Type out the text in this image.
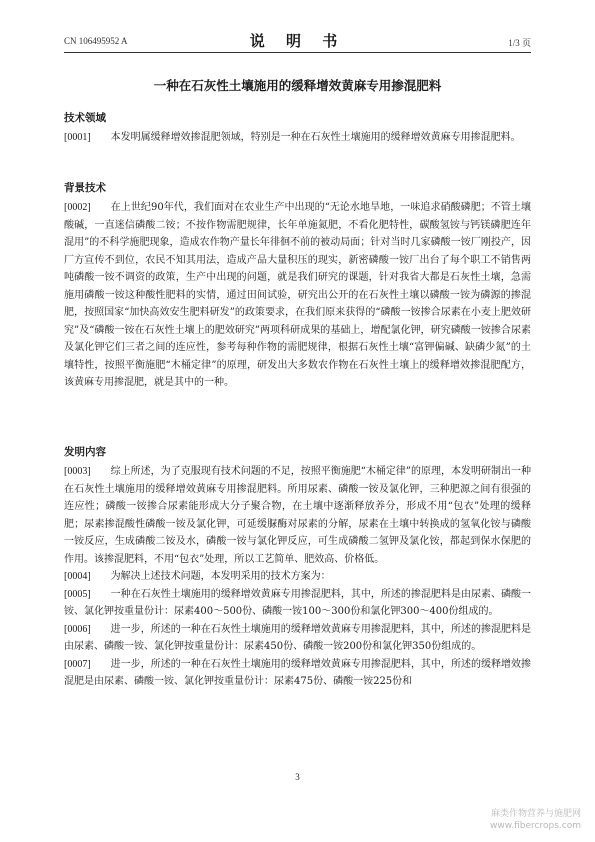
CN 106495952 A	说 明 书	1/3 页
一种在石灰性土壤施用的缓释增效黄麻专用掺混肥料

技术领域

[0001] 本发明属缓释增效掺混肥领域，特别是一种在石灰性土壤施用的缓释增效黄麻专用掺混肥料。

背景技术

[0002] 在上世纪90年代，我们面对在农业生产中出现的“无论水地旱地，一味追求硝酸磷肥；不管土壤酸碱，一直迷信磷酸二铵；不按作物需肥规律，长年单施氮肥，不看化肥特性，碳酸氢铵与钙镁磷肥连年混用”的不科学施肥现象，造成农作物产量长年徘徊不前的被动局面；针对当时几家磷酸一铵厂刚投产，因厂方宣传不到位，农民不知其用法，造成产品大量积压的现实，新密磷酸一铵厂出台了每个职工不销售两吨磷酸一铵不调资的政策，生产中出现的问题，就是我们研究的课题，针对我省大都是石灰性土壤，急需施用磷酸一铵这种酸性肥料的实情，通过田间试验，研究出公开的在石灰性土壤以磷酸一铵为磷源的掺混肥，按照国家“加快高效安生肥料研发”的政策要求，在我们原来获得的“磷酸一铵掺合尿素在小麦上肥效研究”及“磷酸一铵在石灰性土壤上的肥效研究”两项科研成果的基础上，增配氯化钾，研究磷酸一铵掺合尿素及氯化钾它们三者之间的连应性，参考每种作物的需肥规律，根据石灰性土壤“富钾偏碱、缺磷少氮”的土壤特性，按照平衡施肥“木桶定律”的原理，研发出大多数农作物在石灰性土壤上的缓释增效掺混肥配方，该黄麻专用掺混肥，就是其中的一种。

发明内容

[0003] 综上所述，为了克服现有技术问题的不足，按照平衡施肥“木桶定律”的原理，本发明研制出一种在石灰性土壤施用的缓释增效黄麻专用掺混肥料。所用尿素、磷酸一铵及氯化钾，三种肥源之间有很强的连应性；磷酸一铵掺合尿素能形成大分子聚合物，在土壤中逐渐释放养分，形成不用“包衣”处理的缓释肥；尿素掺混酸性磷酸一铵及氯化钾，可延缓脲酶对尿素的分解，尿素在土壤中转换成的氢氧化铵与磷酸一铵反应，生成磷酸二铵及水，磷酸一铵与氯化钾反应，可生成磷酸二氢钾及氯化铵，都起到保水保肥的作用。该掺混肥料，不用“包衣”处理，所以工艺简单、肥效高、价格低。

[0004] 为解决上述技术问题，本发明采用的技术方案为：

[0005] 一种在石灰性土壤施用的缓释增效黄麻专用掺混肥料，其中，所述的掺混肥料是由尿素、磷酸一铵、氯化钾按重量份计：尿素400～500份、磷酸一铵100～300份和氯化钾300～400份组成的。

[0006] 进一步，所述的一种在石灰性土壤施用的缓释增效黄麻专用掺混肥料，其中，所述的掺混肥料是由尿素、磷酸一铵、氯化钾按重量份计：尿素450份、磷酸一铵200份和氯化钾350份组成的。

[0007] 进一步，所述的一种在石灰性土壤施用的缓释增效黄麻专用掺混肥料，其中，所述的缓释增效掺混肥是由尿素、磷酸一铵、氯化钾按重量份计：尿素475份、磷酸一铵225份和

3
麻类作物营养与施肥网
www.fibercrops.com
